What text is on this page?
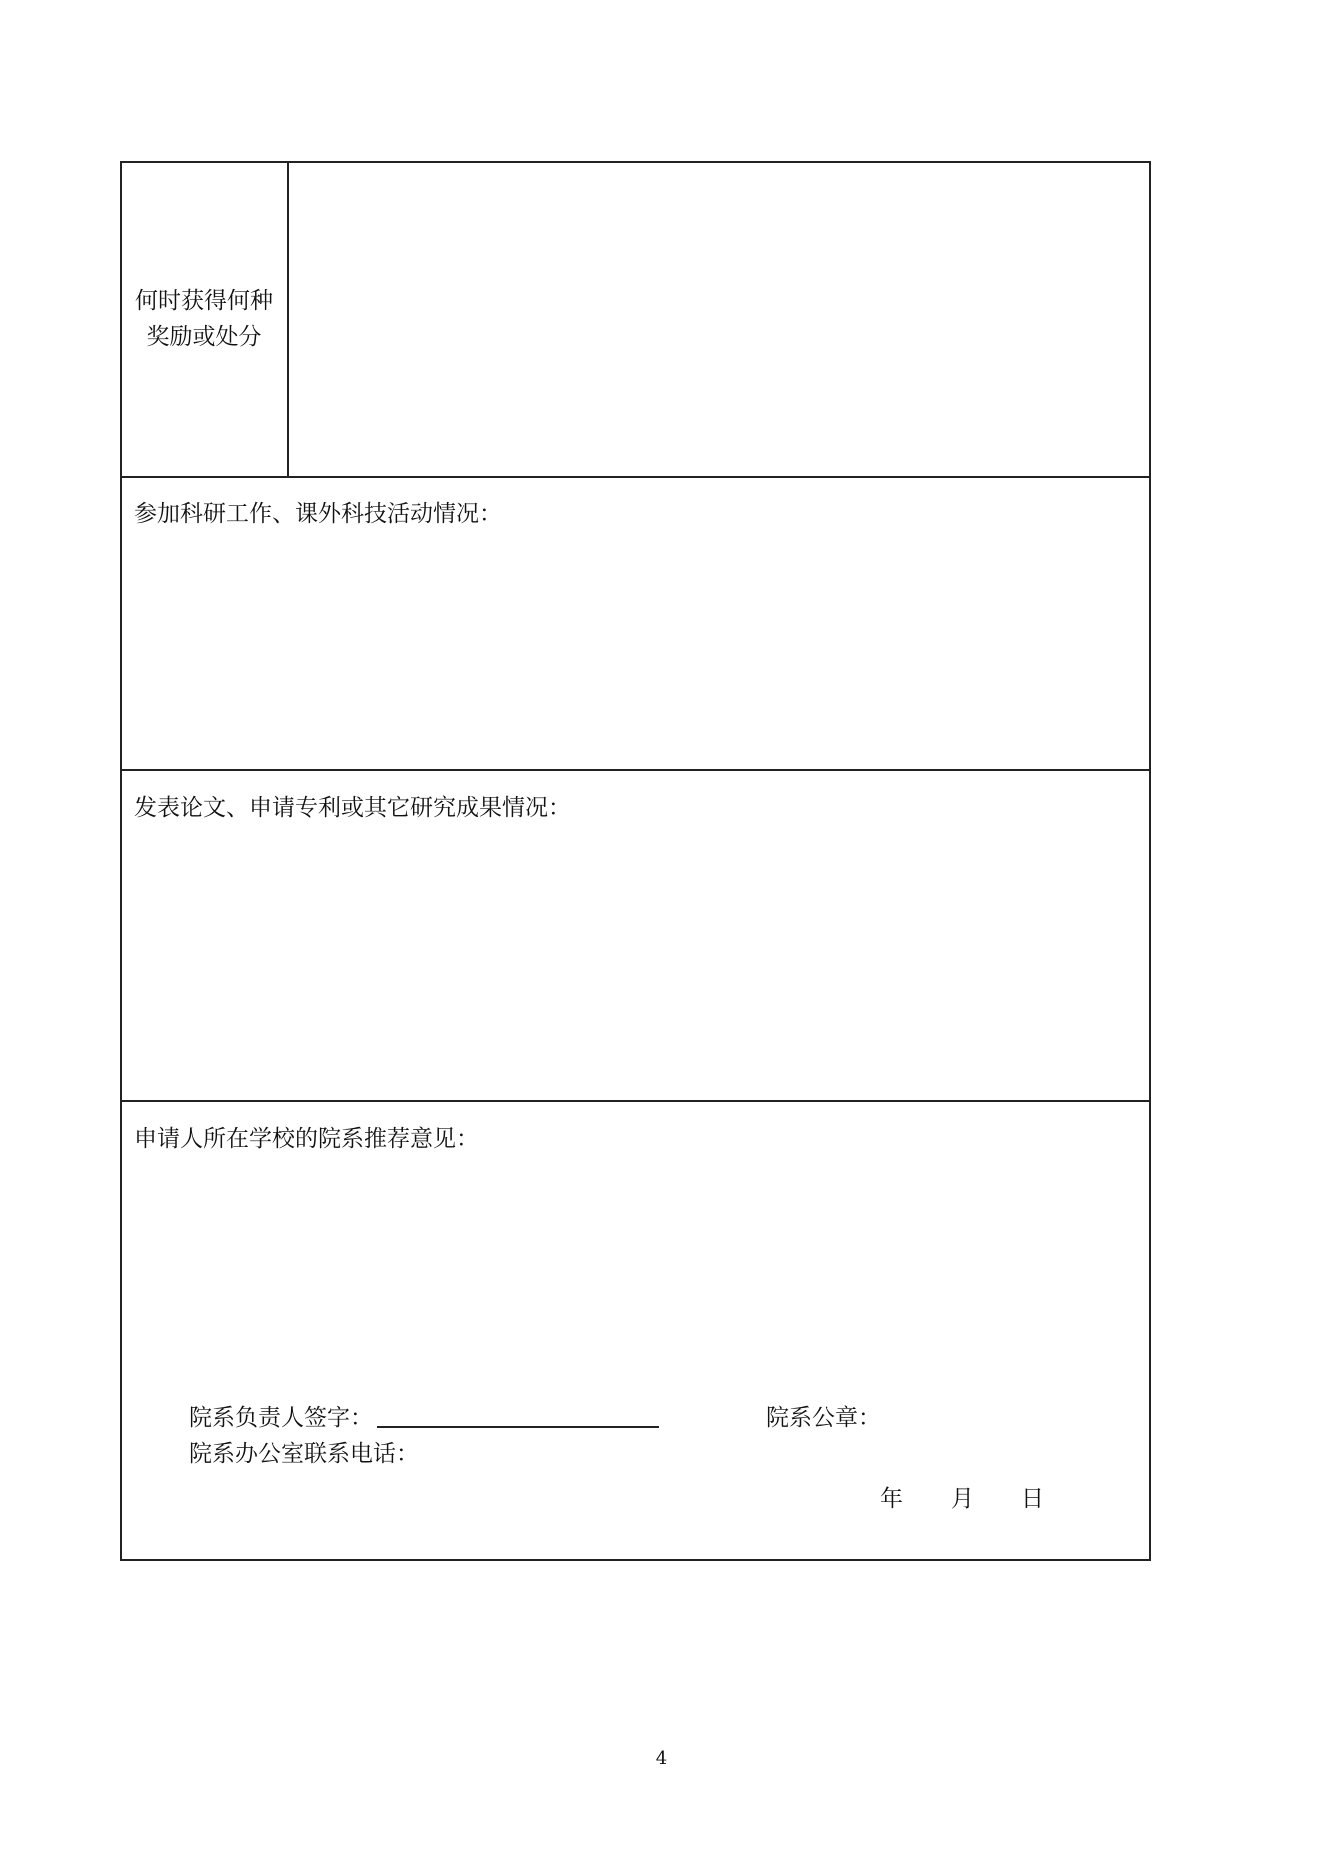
何时获得何种奖励或处分
参加科研工作、课外科技活动情况：
发表论文、申请专利或其它研究成果情况：
申请人所在学校的院系推荐意见：
院系负责人签字：	院系公章：
院系办公室联系电话：
年 月 日
4
